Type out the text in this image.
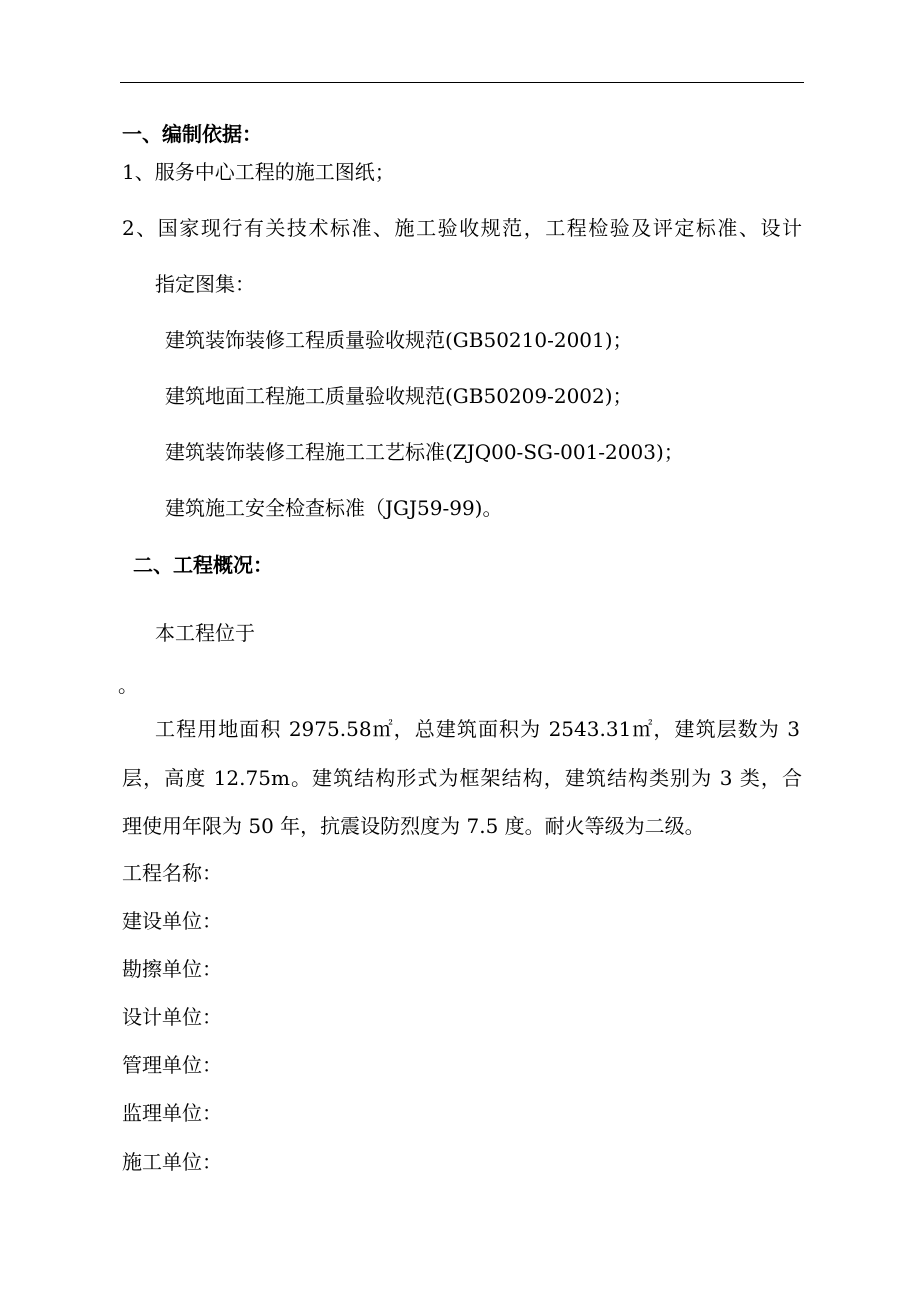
一、编制依据：
1、服务中心工程的施工图纸；
2、国家现行有关技术标准、施工验收规范，工程检验及评定标准、设计
指定图集：
建筑装饰装修工程质量验收规范(GB50210-2001)；
建筑地面工程施工质量验收规范(GB50209-2002)；
建筑装饰装修工程施工工艺标准(ZJQ00-SG-001-2003)；
建筑施工安全检查标准（JGJ59-99)。
二、工程概况：
本工程位于
。
工程用地面积 2975.58㎡，总建筑面积为 2543.31㎡，建筑层数为 3
层，高度 12.75m。建筑结构形式为框架结构，建筑结构类别为 3 类，合
理使用年限为 50 年，抗震设防烈度为 7.5 度。耐火等级为二级。
工程名称：
建设单位：
勘擦单位：
设计单位：
管理单位：
监理单位：
施工单位：
